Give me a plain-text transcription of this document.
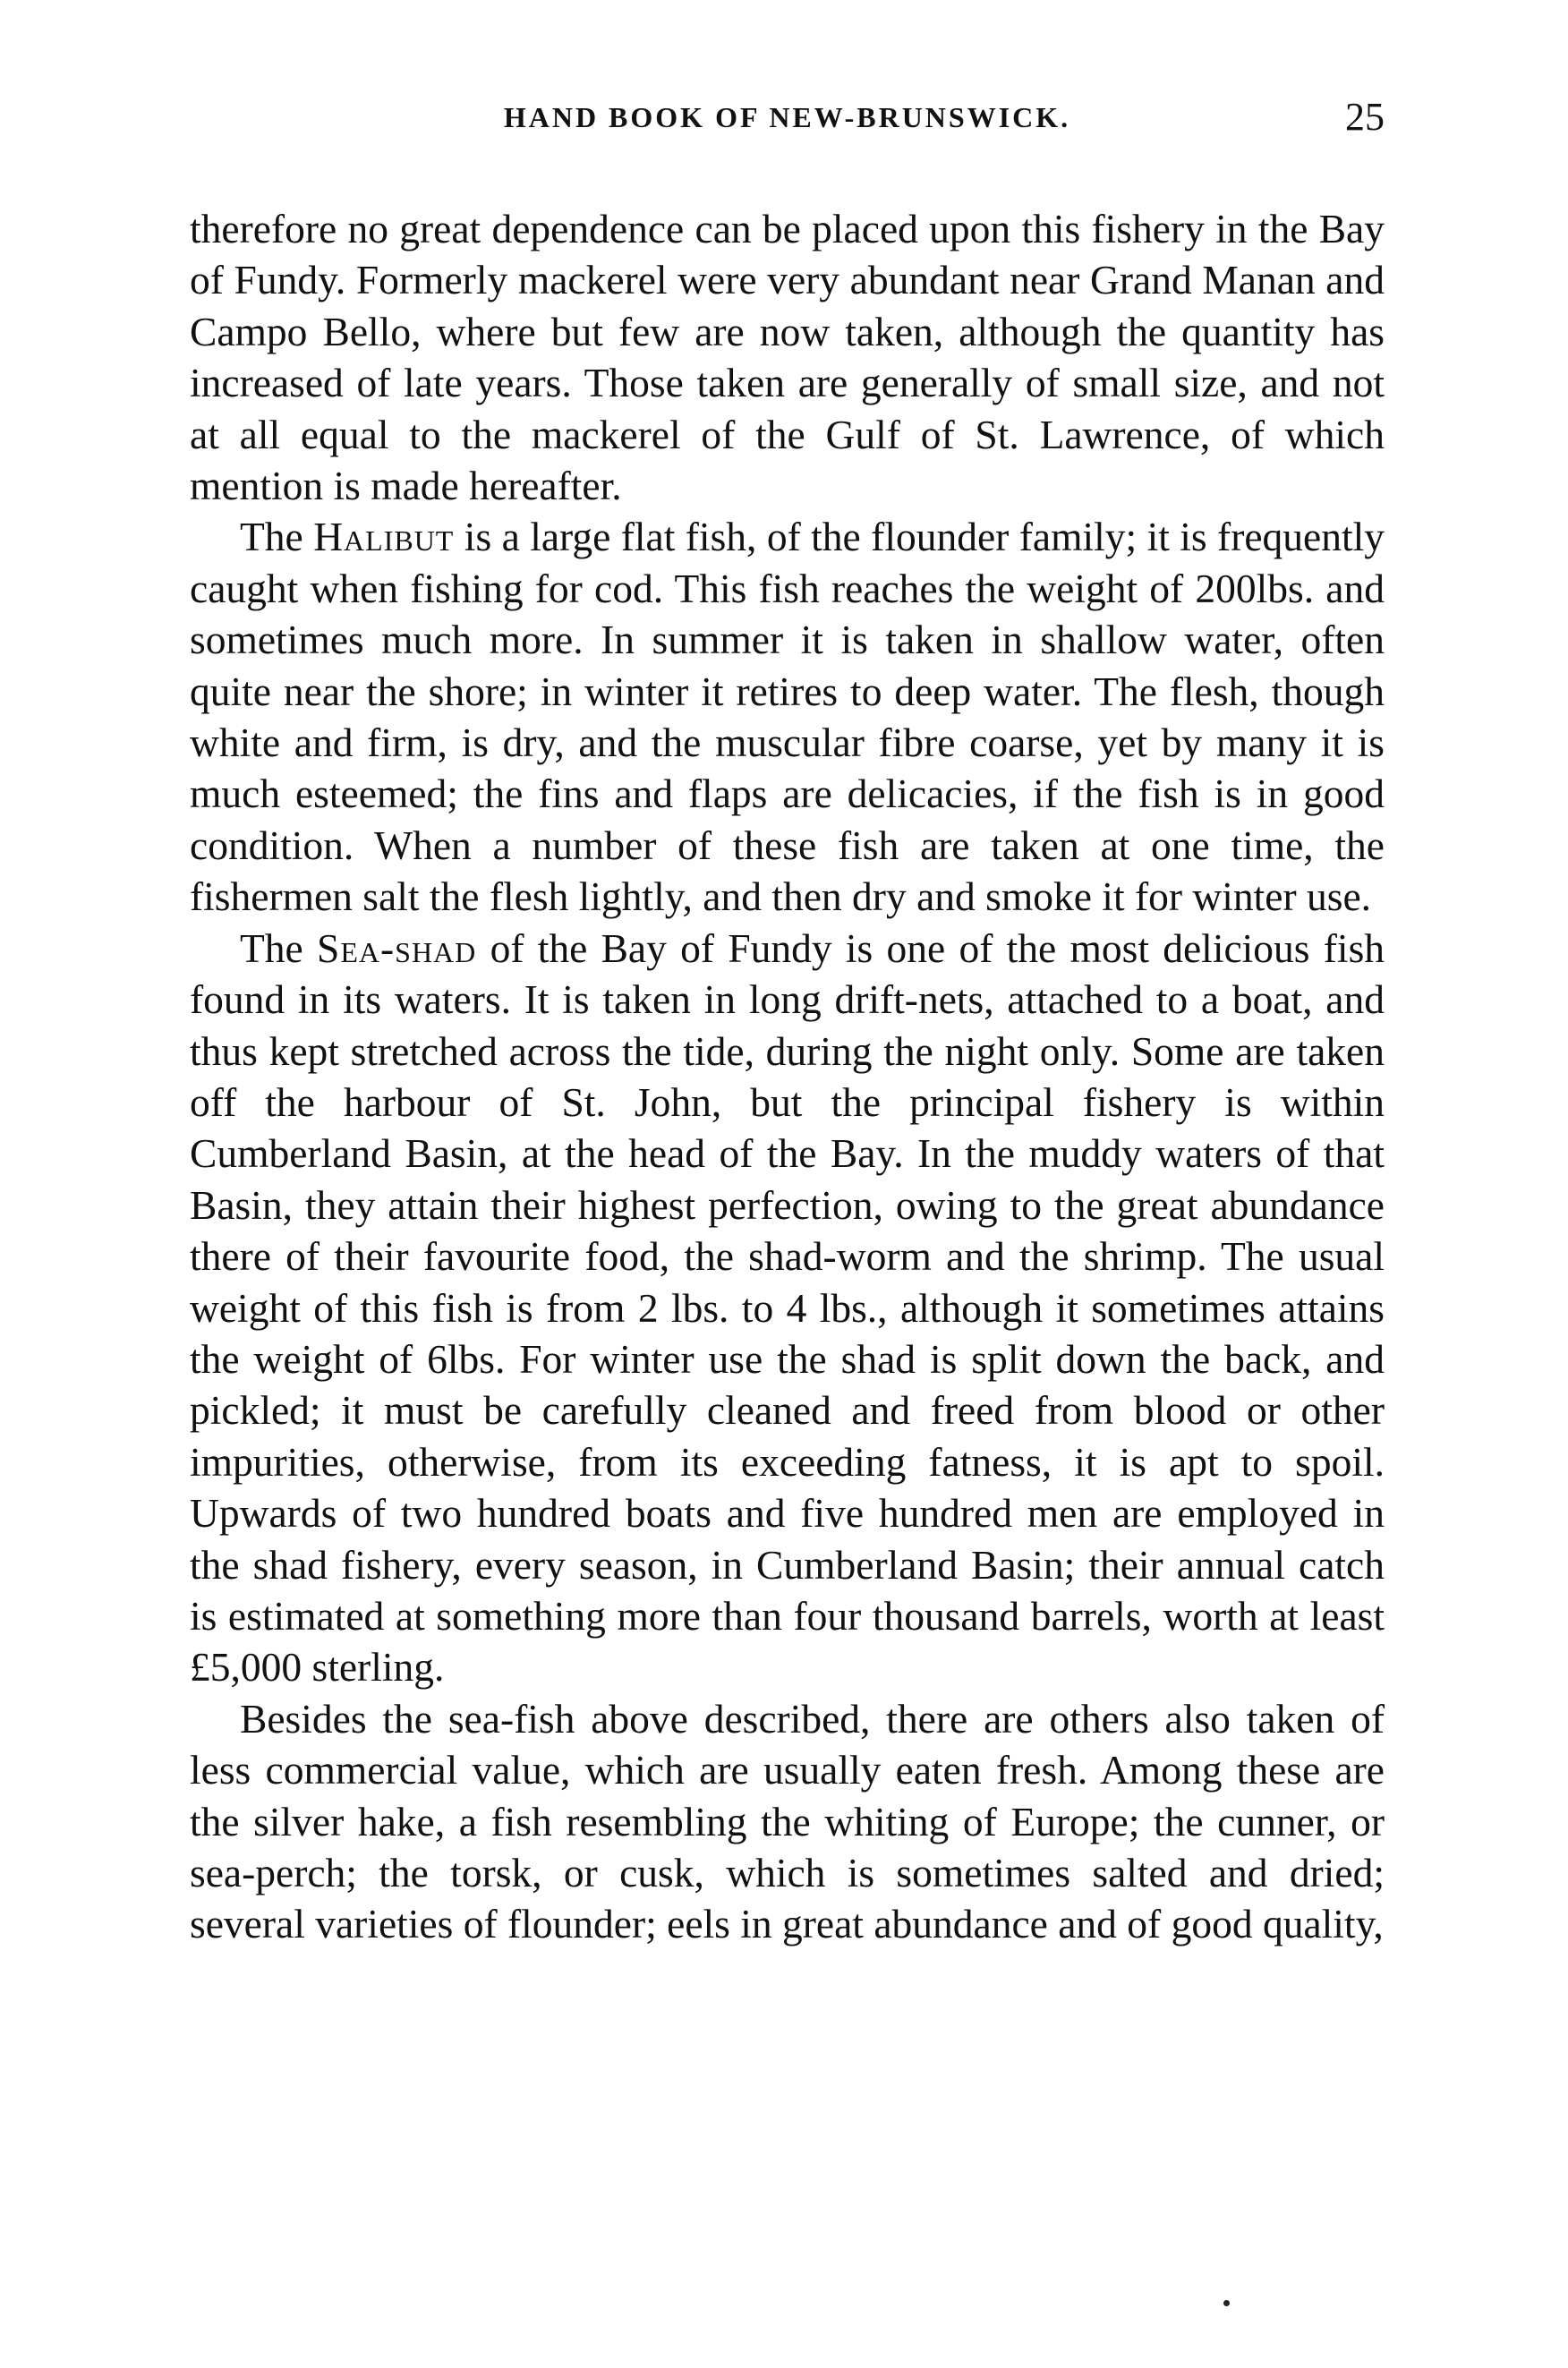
HAND BOOK OF NEW-BRUNSWICK.	25

therefore no great dependence can be placed upon this fishery in the Bay of Fundy. Formerly mackerel were very abundant near Grand Manan and Campo Bello, where but few are now taken, although the quantity has increased of late years. Those taken are generally of small size, and not at all equal to the mackerel of the Gulf of St. Lawrence, of which mention is made hereafter.

The Halibut is a large flat fish, of the flounder family; it is frequently caught when fishing for cod. This fish reaches the weight of 200lbs. and sometimes much more. In summer it is taken in shallow water, often quite near the shore; in winter it retires to deep water. The flesh, though white and firm, is dry, and the muscular fibre coarse, yet by many it is much esteemed; the fins and flaps are delicacies, if the fish is in good condition. When a number of these fish are taken at one time, the fishermen salt the flesh lightly, and then dry and smoke it for winter use.

The Sea-shad of the Bay of Fundy is one of the most delicious fish found in its waters. It is taken in long drift-nets, attached to a boat, and thus kept stretched across the tide, during the night only. Some are taken off the harbour of St. John, but the principal fishery is within Cumberland Basin, at the head of the Bay. In the muddy waters of that Basin, they attain their highest perfection, owing to the great abundance there of their favourite food, the shad-worm and the shrimp. The usual weight of this fish is from 2 lbs. to 4 lbs., although it sometimes attains the weight of 6lbs. For winter use the shad is split down the back, and pickled; it must be carefully cleaned and freed from blood or other impurities, otherwise, from its exceeding fatness, it is apt to spoil. Upwards of two hundred boats and five hundred men are employed in the shad fishery, every season, in Cumberland Basin; their annual catch is estimated at something more than four thousand barrels, worth at least £5,000 sterling.

Besides the sea-fish above described, there are others also taken of less commercial value, which are usually eaten fresh. Among these are the silver hake, a fish resembling the whiting of Europe; the cunner, or sea-perch; the torsk, or cusk, which is sometimes salted and dried; several varieties of flounder; eels in great abundance and of good quality,
